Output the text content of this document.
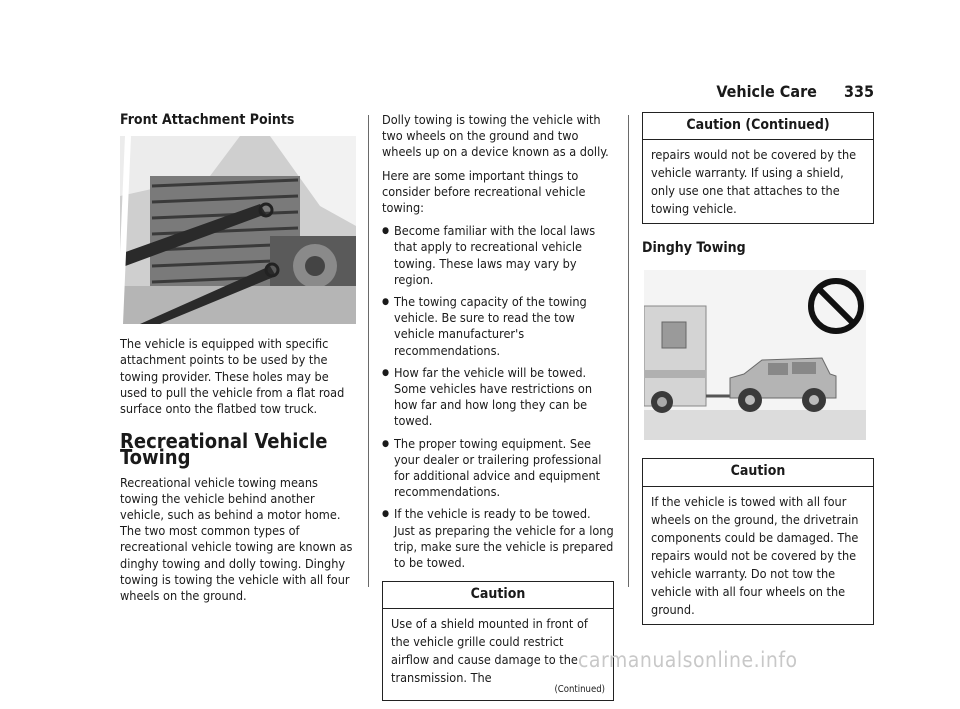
Vehicle Care 335
Front Attachment Points

The vehicle is equipped with specific attachment points to be used by the towing provider. These holes may be used to pull the vehicle from a flat road surface onto the flatbed tow truck.

Recreational Vehicle Towing

Recreational vehicle towing means towing the vehicle behind another vehicle, such as behind a motor home. The two most common types of recreational vehicle towing are known as dinghy towing and dolly towing. Dinghy towing is towing the vehicle with all four wheels on the ground.

Dolly towing is towing the vehicle with two wheels on the ground and two wheels up on a device known as a dolly.

Here are some important things to consider before recreational vehicle towing:

● Become familiar with the local laws that apply to recreational vehicle towing. These laws may vary by region.
● The towing capacity of the towing vehicle. Be sure to read the tow vehicle manufacturer's recommendations.
● How far the vehicle will be towed. Some vehicles have restrictions on how far and how long they can be towed.
● The proper towing equipment. See your dealer or trailering professional for additional advice and equipment recommendations.
● If the vehicle is ready to be towed. Just as preparing the vehicle for a long trip, make sure the vehicle is prepared to be towed.
Caution
Use of a shield mounted in front of the vehicle grille could restrict airflow and cause damage to the transmission. The
(Continued)
Caution (Continued)
repairs would not be covered by the vehicle warranty. If using a shield, only use one that attaches to the towing vehicle.
Dinghy Towing
Caution
If the vehicle is towed with all four wheels on the ground, the drivetrain components could be damaged. The repairs would not be covered by the vehicle warranty. Do not tow the vehicle with all four wheels on the ground.
carmanualsonline.info
